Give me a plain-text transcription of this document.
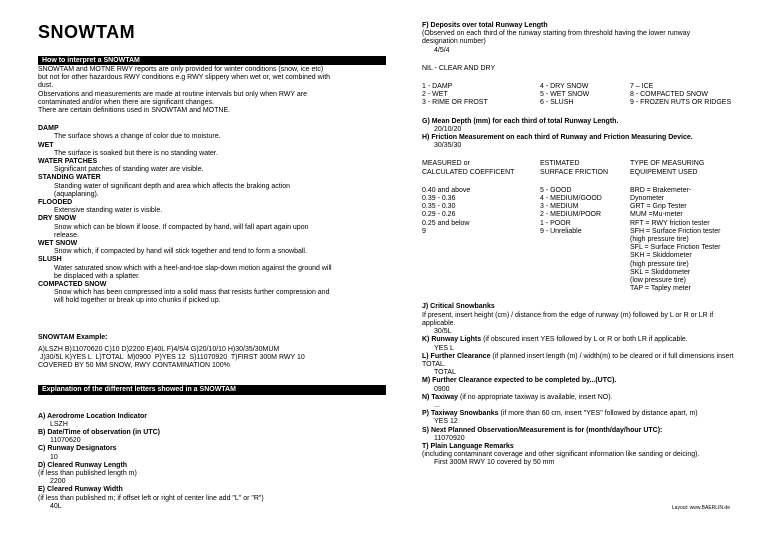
SNOWTAM
How to interpret a SNOWTAM

SNOWTAM and MOTNE RWY reports are only provided for winter conditions (snow, ice etc)

but not for other hazardous RWY conditions e.g RWY slippery when wet or, wet combined with

dust.

Observations and measurements are made at routine intervals but only when RWY are

contaminated and/or when there are significant changes.

There are certain definitions used in SNOWTAM and MOTNE.

DAMP

The surface shows a change of color due to moisture.

WET

The surface is soaked but there is no standing water.

WATER PATCHES

Significant patches of standing water are visible.

STANDING WATER

Standing water of significant depth and area which affects the braking action

(aquaplaning).

FLOODED

Extensive standing water is visible.

DRY SNOW

Snow which can be blown if loose. If compacted by hand, will fall apart again upon

release.

WET SNOW

Snow which, if compacted by hand will stick together and tend to form a snowball.

SLUSH

Water saturated snow which with a heel-and-toe slap-down motion against the ground will

be displaced with a splatter.

COMPACTED SNOW

Snow which has been compressed into a solid mass that resists further compression and

will hold together or break up into chunks if picked up.

SNOWTAM Example:

A)LSZH B)11070620 C)10 D)2200 E)40L F)4/5/4 G)20/10/10 H)30/35/30MUM

J)30/5L K)YES L  L)TOTAL  M)0900  P)YES 12  S)11070920  T)FIRST 300M RWY 10

COVERED BY 50 MM SNOW, RWY CONTAMINATION 100%

Explanation of the different letters showed in a SNOWTAM

A) Aerodrome Location Indicator

LSZH

B) Date/Time of observation (in UTC)

11070620

C) Runway Designators

10

D) Cleared Runway Length

(if less than published length m)

2200

E) Cleared Runway Width

(if less than published m; if offset left or right of center line add "L" or "R")

40L

F) Deposits over total Runway Length

(Observed on each third of the runway starting from threshold having the lower runway

designation number)

4/5/4

NIL - CLEAR AND DRY

1 - DAMP

2 - WET

3 - RIME OR FROST

4 - DRY SNOW

5 - WET SNOW

6 - SLUSH

7 – ICE

8 - COMPACTED SNOW

9 - FROZEN RUTS OR RIDGES

G) Mean Depth (mm) for each third of total Runway Length.

20/10/20

H) Friction Measurement on each third of Runway and Friction Measuring Device.

30/35/30

MEASURED or

CALCULATED COEFFICENT

0.40 and above

0.39 - 0.36

0.35 - 0.30

0.29 - 0.26

0.25 and below

9

ESTIMATED

SURFACE FRICTION

5 - GOOD

4 - MEDIUM/GOOD

3 - MEDIUM

2 - MEDIUM/POOR

1 - POOR

9 - Unreliable

TYPE OF MEASURING

EQUIPEMENT USED

BRD = Brakemeter-

Dynometer

GRT = Grip Tester

MUM =Mu-meter

RFT = RWY friction tester

SFH = Surface Friction tester

(high pressure tire)

SFL = Surface Friction Tester

SKH = Skiddometer

(high pressure tire)

SKL = Skiddometer

(low pressure tire)

TAP = Tapley meter

J) Critical Snowbanks

If present, insert height (cm) / distance from the edge of runway (m) followed by L or R or LR if applicable.

30/5L

K) Runway Lights (if obscured insert YES followed by L or R or both LR if applicable.

YES L

L) Further Clearance (if planned insert length (m) / width(m) to be cleared or if full dimensions insert TOTAL.

TOTAL

M) Further Clearance expected to be completed by...(UTC).

0900

N) Taxiway (if no appropriate taxiway is available, insert NO).

...

P) Taxiway Snowbanks (if more than 60 cm, insert "YES" followed by distance apart, m)

YES 12

S) Next Planned Observation/Measurement is for (month/day/hour UTC):

11070920

T) Plain Language Remarks

(including contaminant coverage and other significant information like sanding or deicing).

First 300M RWY 10 covered by 50 mm

Layout: www.BAERLIN.de
